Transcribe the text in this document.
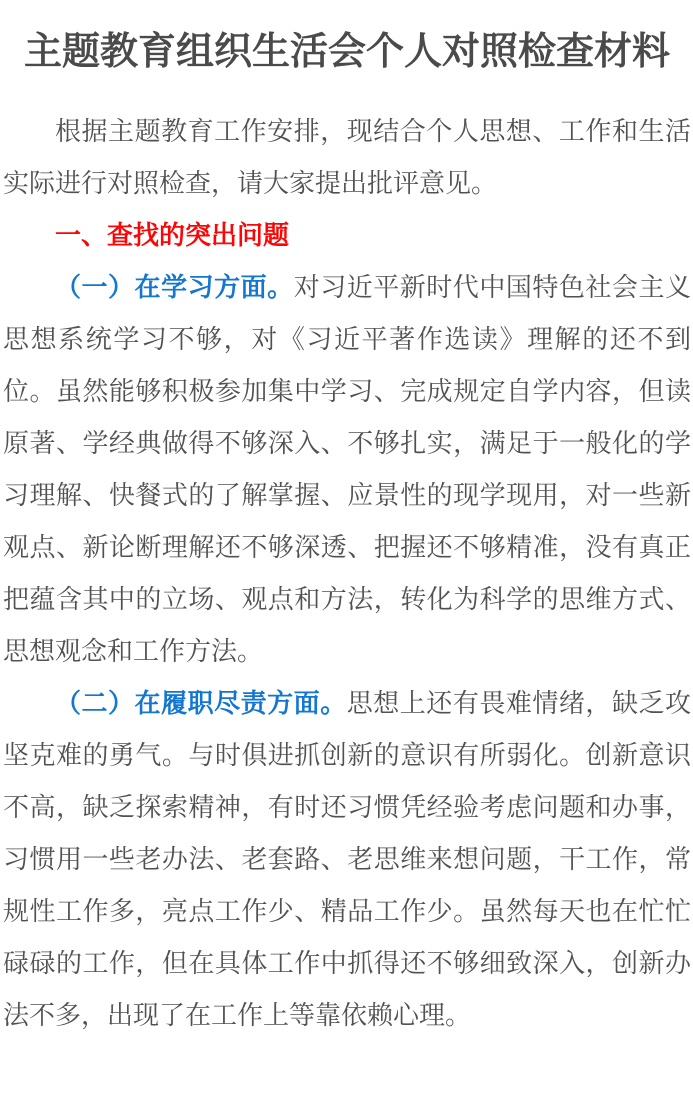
主题教育组织生活会个人对照检查材料

根据主题教育工作安排，现结合个人思想、工作和生活实际进行对照检查，请大家提出批评意见。

一、查找的突出问题

（一）在学习方面。对习近平新时代中国特色社会主义思想系统学习不够，对《习近平著作选读》理解的还不到位。虽然能够积极参加集中学习、完成规定自学内容，但读原著、学经典做得不够深入、不够扎实，满足于一般化的学习理解、快餐式的了解掌握、应景性的现学现用，对一些新观点、新论断理解还不够深透、把握还不够精准，没有真正把蕴含其中的立场、观点和方法，转化为科学的思维方式、思想观念和工作方法。

（二）在履职尽责方面。思想上还有畏难情绪，缺乏攻坚克难的勇气。与时俱进抓创新的意识有所弱化。创新意识不高，缺乏探索精神，有时还习惯凭经验考虑问题和办事，习惯用一些老办法、老套路、老思维来想问题，干工作，常规性工作多，亮点工作少、精品工作少。虽然每天也在忙忙碌碌的工作，但在具体工作中抓得还不够细致深入，创新办法不多，出现了在工作上等靠依赖心理。
